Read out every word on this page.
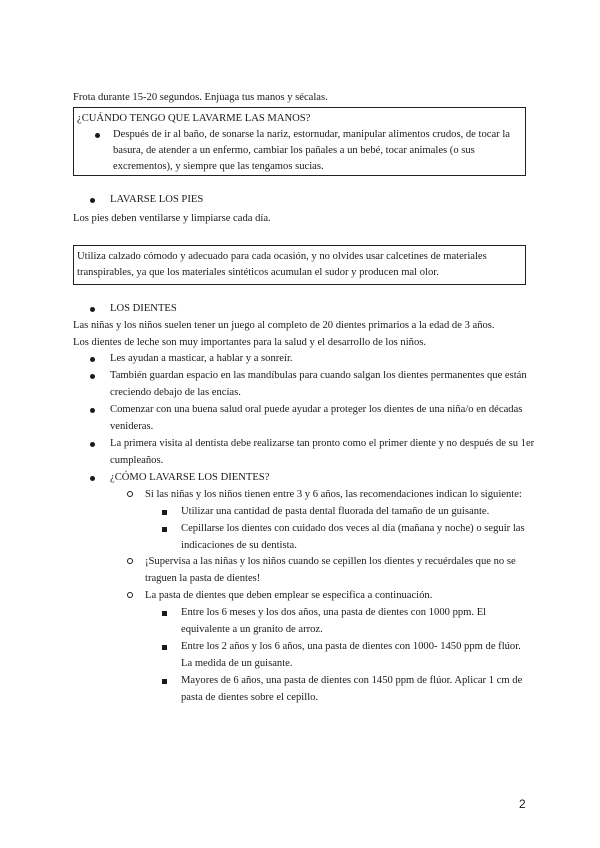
Frota durante 15-20 segundos. Enjuaga tus manos y sécalas.
¿CUÁNDO TENGO QUE LAVARME LAS MANOS?
Después de ir al baño, de sonarse la nariz, estornudar, manipular alimentos crudos, de tocar la
basura, de atender a un enfermo, cambiar los pañales a un bebé, tocar animales (o sus
excrementos), y siempre que las tengamos sucias.
LAVARSE LOS PIES
Los pies deben ventilarse y limpiarse cada día.
Utiliza calzado cómodo y adecuado para cada ocasión, y no olvides usar calcetines de materiales
transpirables, ya que los materiales sintéticos acumulan el sudor y producen mal olor.
LOS DIENTES
Las niñas y los niños suelen tener un juego al completo de 20 dientes primarios a la edad de 3 años.
Los dientes de leche son muy importantes para la salud y el desarrollo de los niños.
Les ayudan a masticar, a hablar y a sonreír.
También guardan espacio en las mandíbulas para cuando salgan los dientes permanentes que están
creciendo debajo de las encías.
Comenzar con una buena salud oral puede ayudar a proteger los dientes de una niña/o en décadas
venideras.
La primera visita al dentista debe realizarse tan pronto como el primer diente y no después de su 1er
cumpleaños.
¿CÓMO LAVARSE LOS DIENTES?
Si las niñas y los niños tienen entre 3 y 6 años, las recomendaciones indican lo siguiente:
Utilizar una cantidad de pasta dental fluorada del tamaño de un guisante.
Cepillarse los dientes con cuidado dos veces al día (mañana y noche) o seguir las
indicaciones de su dentista.
¡Supervisa a las niñas y los niños cuando se cepillen los dientes y recuérdales que no se
traguen la pasta de dientes!
La pasta de dientes que deben emplear se especifica a continuación.
Entre los 6 meses y los dos años, una pasta de dientes con 1000 ppm. El
equivalente a un granito de arroz.
Entre los 2 años y los 6 años, una pasta de dientes con 1000- 1450 ppm de flúor.
La medida de un guisante.
Mayores de 6 años, una pasta de dientes con 1450 ppm de flúor. Aplicar 1 cm de
pasta de dientes sobre el cepillo.
2
